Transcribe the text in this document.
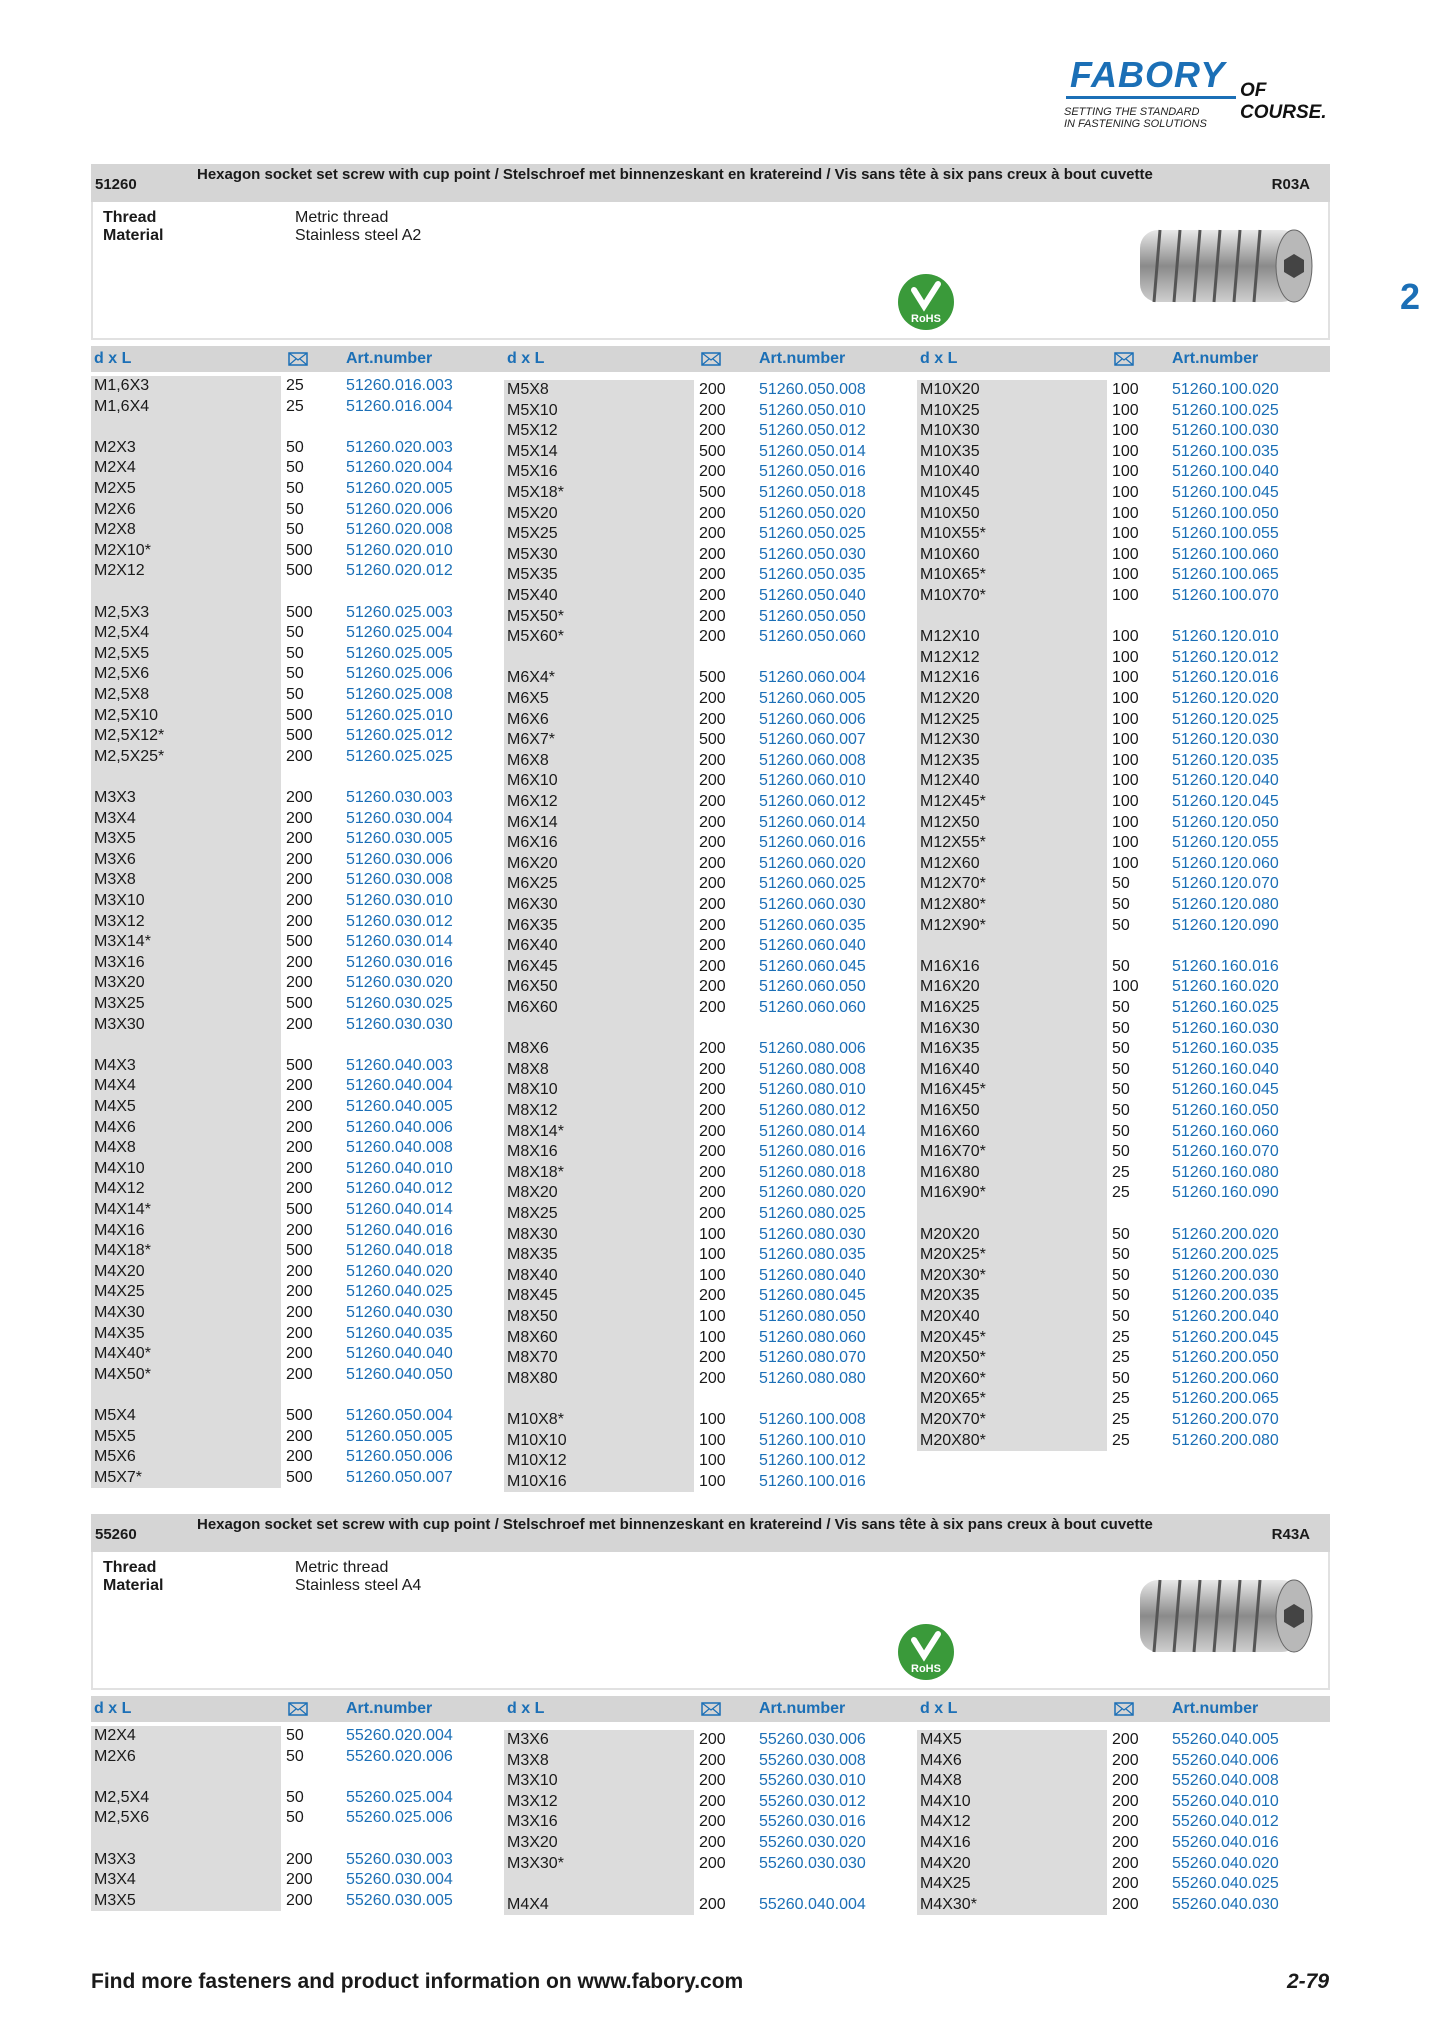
FABORY OF COURSE.
SETTING THE STANDARD
IN FASTENING SOLUTIONS
2
51260
Hexagon socket set screw with cup point / Stelschroef met binnenzeskant en kratereind / Vis sans tête à six pans creux à bout cuvette
R03A
Thread	Metric thread
Material	Stainless steel A2
RoHS
d x L	Art.number	d x L	Art.number	d x L	Art.number
M1,6X3	25	51260.016.003
M1,6X4	25	51260.016.004
M2X3	50	51260.020.003
M2X4	50	51260.020.004
M2X5	50	51260.020.005
M2X6	50	51260.020.006
M2X8	50	51260.020.008
M2X10*	500 51260.020.010
M2X12	500 51260.020.012
M2,5X3	500 51260.025.003
M2,5X4	50	51260.025.004
M2,5X5	50	51260.025.005
M2,5X6	50	51260.025.006
M2,5X8	50	51260.025.008
M2,5X10	500 51260.025.010
M2,5X12*	500 51260.025.012
M2,5X25*	200 51260.025.025
M3X3	200 51260.030.003
M3X4	200 51260.030.004
M3X5	200 51260.030.005
M3X6	200 51260.030.006
M3X8	200 51260.030.008
M3X10	200 51260.030.010
M3X12	200 51260.030.012
M3X14*	500 51260.030.014
M3X16	200 51260.030.016
M3X20	200 51260.030.020
M3X25	500 51260.030.025
M3X30	200 51260.030.030
M4X3	500 51260.040.003
M4X4	200 51260.040.004
M4X5	200 51260.040.005
M4X6	200 51260.040.006
M4X8	200 51260.040.008
M4X10	200 51260.040.010
M4X12	200 51260.040.012
M4X14*	500 51260.040.014
M4X16	200 51260.040.016
M4X18*	500 51260.040.018
M4X20	200 51260.040.020
M4X25	200 51260.040.025
M4X30	200 51260.040.030
M4X35	200 51260.040.035
M4X40*	200 51260.040.040
M4X50*	200 51260.040.050
M5X4	500 51260.050.004
M5X5	200 51260.050.005
M5X6	200 51260.050.006
M5X7*	500 51260.050.007
M5X8	200 51260.050.008
M5X10	200 51260.050.010
M5X12	200 51260.050.012
M5X14	500 51260.050.014
M5X16	200 51260.050.016
M5X18*	500 51260.050.018
M5X20	200 51260.050.020
M5X25	200 51260.050.025
M5X30	200 51260.050.030
M5X35	200 51260.050.035
M5X40	200 51260.050.040
M5X50*	200 51260.050.050
M5X60*	200 51260.050.060
M6X4*	500 51260.060.004
M6X5	200 51260.060.005
M6X6	200 51260.060.006
M6X7*	500 51260.060.007
M6X8	200 51260.060.008
M6X10	200 51260.060.010
M6X12	200 51260.060.012
M6X14	200 51260.060.014
M6X16	200 51260.060.016
M6X20	200 51260.060.020
M6X25	200 51260.060.025
M6X30	200 51260.060.030
M6X35	200 51260.060.035
M6X40	200 51260.060.040
M6X45	200 51260.060.045
M6X50	200 51260.060.050
M6X60	200 51260.060.060
M8X6	200 51260.080.006
M8X8	200 51260.080.008
M8X10	200 51260.080.010
M8X12	200 51260.080.012
M8X14*	200 51260.080.014
M8X16	200 51260.080.016
M8X18*	200 51260.080.018
M8X20	200 51260.080.020
M8X25	200 51260.080.025
M8X30	100 51260.080.030
M8X35	100 51260.080.035
M8X40	100 51260.080.040
M8X45	200 51260.080.045
M8X50	100 51260.080.050
M8X60	100 51260.080.060
M8X70	200 51260.080.070
M8X80	200 51260.080.080
M10X8*	100 51260.100.008
M10X10	100 51260.100.010
M10X12	100 51260.100.012
M10X16	100 51260.100.016
M10X20	100 51260.100.020
M10X25	100 51260.100.025
M10X30	100 51260.100.030
M10X35	100 51260.100.035
M10X40	100 51260.100.040
M10X45	100 51260.100.045
M10X50	100 51260.100.050
M10X55*	100 51260.100.055
M10X60	100 51260.100.060
M10X65*	100 51260.100.065
M10X70*	100 51260.100.070
M12X10	100 51260.120.010
M12X12	100 51260.120.012
M12X16	100 51260.120.016
M12X20	100 51260.120.020
M12X25	100 51260.120.025
M12X30	100 51260.120.030
M12X35	100 51260.120.035
M12X40	100 51260.120.040
M12X45*	100 51260.120.045
M12X50	100 51260.120.050
M12X55*	100 51260.120.055
M12X60	100 51260.120.060
M12X70*	50	51260.120.070
M12X80*	50	51260.120.080
M12X90*	50	51260.120.090
M16X16	50	51260.160.016
M16X20	100 51260.160.020
M16X25	50	51260.160.025
M16X30	50	51260.160.030
M16X35	50	51260.160.035
M16X40	50	51260.160.040
M16X45*	50	51260.160.045
M16X50	50	51260.160.050
M16X60	50	51260.160.060
M16X70*	50	51260.160.070
M16X80	25	51260.160.080
M16X90*	25	51260.160.090
M20X20	50	51260.200.020
M20X25*	50	51260.200.025
M20X30*	50	51260.200.030
M20X35	50	51260.200.035
M20X40	50	51260.200.040
M20X45*	25	51260.200.045
M20X50*	25	51260.200.050
M20X60*	50	51260.200.060
M20X65*	25	51260.200.065
M20X70*	25	51260.200.070
M20X80*	25	51260.200.080
55260
Hexagon socket set screw with cup point / Stelschroef met binnenzeskant en kratereind / Vis sans tête à six pans creux à bout cuvette
R43A
Thread	Metric thread
Material	Stainless steel A4
RoHS
d x L	Art.number	d x L	Art.number	d x L	Art.number
M2X4	50	55260.020.004
M2X6	50	55260.020.006
M2,5X4	50	55260.025.004
M2,5X6	50	55260.025.006
M3X3	200 55260.030.003
M3X4	200 55260.030.004
M3X5	200 55260.030.005
M3X6	200 55260.030.006
M3X8	200 55260.030.008
M3X10	200 55260.030.010
M3X12	200 55260.030.012
M3X16	200 55260.030.016
M3X20	200 55260.030.020
M3X30*	200 55260.030.030
M4X4	200 55260.040.004
M4X5	200 55260.040.005
M4X6	200 55260.040.006
M4X8	200 55260.040.008
M4X10	200 55260.040.010
M4X12	200 55260.040.012
M4X16	200 55260.040.016
M4X20	200 55260.040.020
M4X25	200 55260.040.025
M4X30*	200 55260.040.030
Find more fasteners and product information on www.fabory.com	2-79
